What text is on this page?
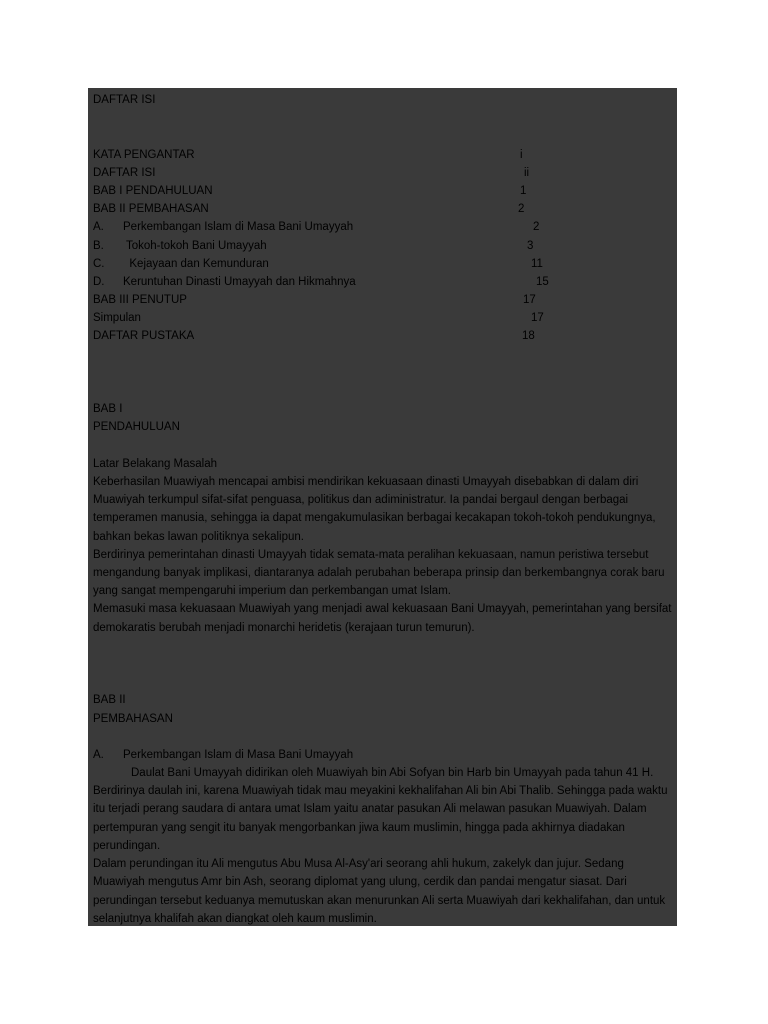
DAFTAR ISI
KATA PENGANTAR	i
DAFTAR ISI	ii
BAB I PENDAHULUAN	1
BAB II PEMBAHASAN	2
A. Perkembangan Islam di Masa Bani Umayyah	2
B. Tokoh-tokoh Bani Umayyah	3
C.  Kejayaan dan Kemunduran	11
D. Keruntuhan Dinasti Umayyah dan Hikmahnya	15
BAB III PENUTUP	17
Simpulan	17
DAFTAR PUSTAKA	18
BAB I
PENDAHULUAN
Latar Belakang Masalah

Keberhasilan Muawiyah mencapai ambisi mendirikan kekuasaan dinasti Umayyah disebabkan di dalam diri Muawiyah terkumpul sifat-sifat penguasa, politikus dan adiministratur. Ia pandai bergaul dengan berbagai temperamen manusia, sehingga ia dapat mengakumulasikan berbagai kecakapan tokoh-tokoh pendukungnya, bahkan bekas lawan politiknya sekalipun.

Berdirinya pemerintahan dinasti Umayyah tidak semata-mata peralihan kekuasaan, namun peristiwa tersebut mengandung banyak implikasi, diantaranya adalah perubahan beberapa prinsip dan berkembangnya corak baru yang sangat mempengaruhi imperium dan perkembangan umat Islam.

Memasuki masa kekuasaan Muawiyah yang menjadi awal kekuasaan Bani Umayyah, pemerintahan yang bersifat demokaratis berubah menjadi monarchi heridetis (kerajaan turun temurun).

BAB II
PEMBAHASAN
A. Perkembangan Islam di Masa Bani Umayyah

Daulat Bani Umayyah didirikan oleh Muawiyah bin Abi Sofyan bin Harb bin Umayyah pada tahun 41 H. Berdirinya daulah ini, karena Muawiyah tidak mau meyakini kekhalifahan Ali bin Abi Thalib. Sehingga pada waktu itu terjadi perang saudara di antara umat Islam yaitu anatar pasukan Ali melawan pasukan Muawiyah. Dalam pertempuran yang sengit itu banyak mengorbankan jiwa kaum muslimin, hingga pada akhirnya diadakan perundingan.

Dalam perundingan itu Ali mengutus Abu Musa Al-Asy'ari seorang ahli hukum, zakelyk dan jujur. Sedang Muawiyah mengutus Amr bin Ash, seorang diplomat yang ulung, cerdik dan pandai mengatur siasat. Dari perundingan tersebut keduanya memutuskan akan menurunkan Ali serta Muawiyah dari kekhalifahan, dan untuk selanjutnya khalifah akan diangkat oleh kaum muslimin.
